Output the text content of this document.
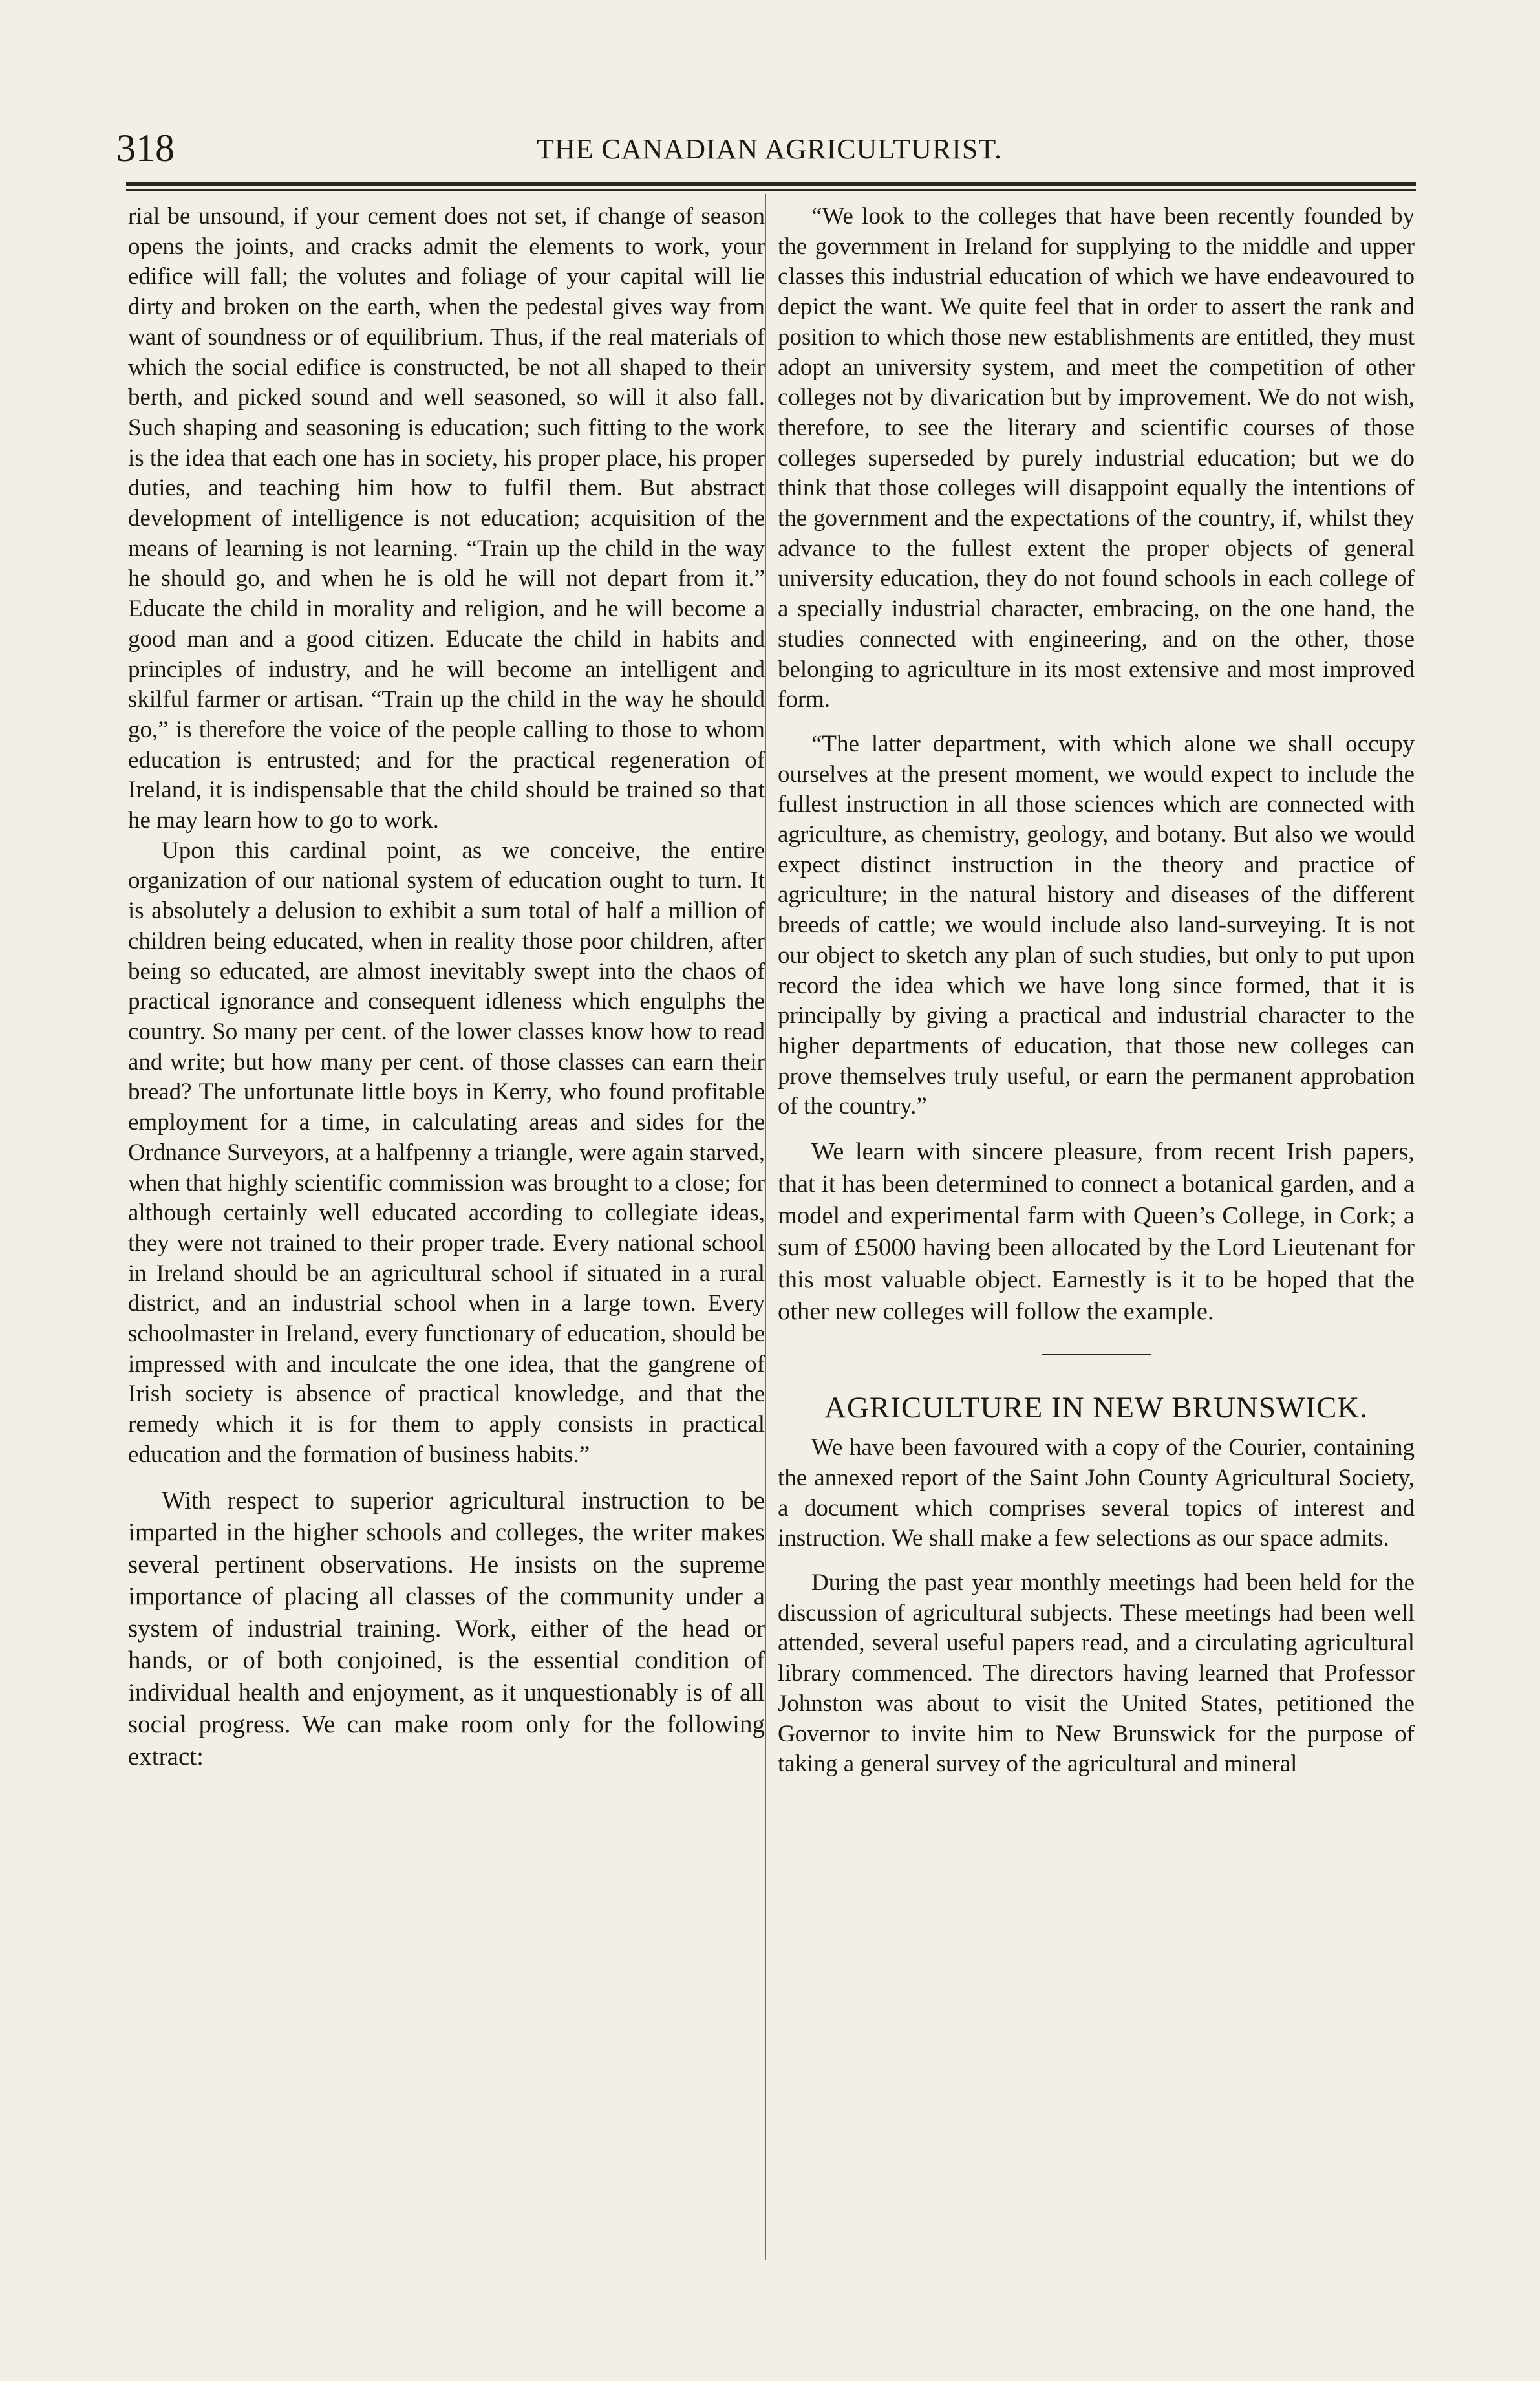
318	THE CANADIAN AGRICULTURIST.

rial be unsound, if your cement does not set, if change of season opens the joints, and cracks admit the elements to work, your edifice will fall; the volutes and foliage of your capital will lie dirty and broken on the earth, when the pedestal gives way from want of soundness or of equilibrium. Thus, if the real materials of which the social edifice is constructed, be not all shaped to their berth, and picked sound and well seasoned, so will it also fall. Such shaping and seasoning is education; such fitting to the work is the idea that each one has in society, his proper place, his proper duties, and teaching him how to fulfil them. But abstract development of intelligence is not education; acquisition of the means of learning is not learning. “Train up the child in the way he should go, and when he is old he will not depart from it.” Educate the child in morality and religion, and he will become a good man and a good citizen. Educate the child in habits and principles of industry, and he will become an intelligent and skilful farmer or artisan. “Train up the child in the way he should go,” is therefore the voice of the people calling to those to whom education is entrusted; and for the practical regeneration of Ireland, it is indispensable that the child should be trained so that he may learn how to go to work.

Upon this cardinal point, as we conceive, the entire organization of our national system of education ought to turn. It is absolutely a delusion to exhibit a sum total of half a million of children being educated, when in reality those poor children, after being so educated, are almost inevitably swept into the chaos of practical ignorance and consequent idleness which engulphs the country. So many per cent. of the lower classes know how to read and write; but how many per cent. of those classes can earn their bread? The unfortunate little boys in Kerry, who found profitable employment for a time, in calculating areas and sides for the Ordnance Surveyors, at a halfpenny a triangle, were again starved, when that highly scientific commission was brought to a close; for although certainly well educated according to collegiate ideas, they were not trained to their proper trade. Every national school in Ireland should be an agricultural school if situated in a rural district, and an industrial school when in a large town. Every schoolmaster in Ireland, every functionary of education, should be impressed with and inculcate the one idea, that the gangrene of Irish society is absence of practical knowledge, and that the remedy which it is for them to apply consists in practical education and the formation of business habits.”

With respect to superior agricultural instruction to be imparted in the higher schools and colleges, the writer makes several pertinent observations. He insists on the supreme importance of placing all classes of the community under a system of industrial training. Work, either of the head or hands, or of both conjoined, is the essential condition of individual health and enjoyment, as it unquestionably is of all social progress. We can make room only for the following extract:

“We look to the colleges that have been recently founded by the government in Ireland for supplying to the middle and upper classes this industrial education of which we have endeavoured to depict the want. We quite feel that in order to assert the rank and position to which those new establishments are entitled, they must adopt an university system, and meet the competition of other colleges not by divarication but by improvement. We do not wish, therefore, to see the literary and scientific courses of those colleges superseded by purely industrial education; but we do think that those colleges will disappoint equally the intentions of the government and the expectations of the country, if, whilst they advance to the fullest extent the proper objects of general university education, they do not found schools in each college of a specially industrial character, embracing, on the one hand, the studies connected with engineering, and on the other, those belonging to agriculture in its most extensive and most improved form.

“The latter department, with which alone we shall occupy ourselves at the present moment, we would expect to include the fullest instruction in all those sciences which are connected with agriculture, as chemistry, geology, and botany. But also we would expect distinct instruction in the theory and practice of agriculture; in the natural history and diseases of the different breeds of cattle; we would include also land-surveying. It is not our object to sketch any plan of such studies, but only to put upon record the idea which we have long since formed, that it is principally by giving a practical and industrial character to the higher departments of education, that those new colleges can prove themselves truly useful, or earn the permanent approbation of the country.”

We learn with sincere pleasure, from recent Irish papers, that it has been determined to connect a botanical garden, and a model and experimental farm with Queen’s College, in Cork; a sum of £5000 having been allocated by the Lord Lieutenant for this most valuable object. Earnestly is it to be hoped that the other new colleges will follow the example.

AGRICULTURE IN NEW BRUNSWICK.

We have been favoured with a copy of the Courier, containing the annexed report of the Saint John County Agricultural Society, a document which comprises several topics of interest and instruction. We shall make a few selections as our space admits.

During the past year monthly meetings had been held for the discussion of agricultural subjects. These meetings had been well attended, several useful papers read, and a circulating agricultural library commenced. The directors having learned that Professor Johnston was about to visit the United States, petitioned the Governor to invite him to New Brunswick for the purpose of taking a general survey of the agricultural and mineral
